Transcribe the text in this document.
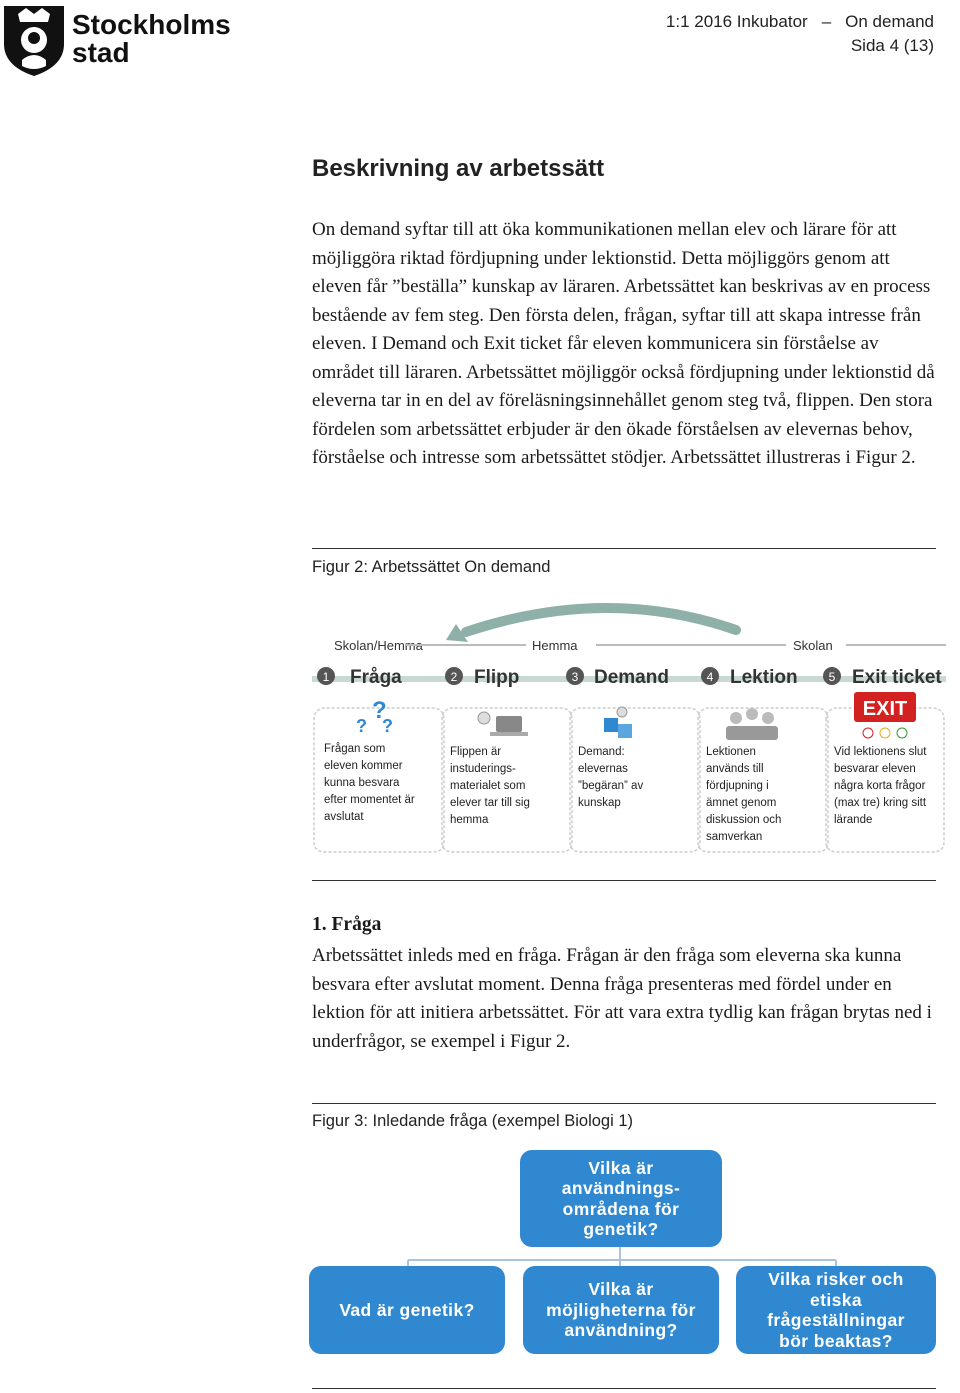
Stockholms
stad
1:1 2016 Inkubator – On demand
Sida 4 (13)
Beskrivning av arbetssätt

On demand syftar till att öka kommunikationen mellan elev och lärare för att möjliggöra riktad fördjupning under lektionstid. Detta möjliggörs genom att eleven får ”beställa” kunskap av läraren. Arbetssättet kan beskrivas av en process bestående av fem steg. Den första delen, frågan, syftar till att skapa intresse från eleven. I Demand och Exit ticket får eleven kommunicera sin förståelse av området till läraren. Arbetssättet möjliggör också fördjupning under lektionstid då eleverna tar in en del av föreläsningsinnehållet genom steg två, flippen. Den stora fördelen som arbetssättet erbjuder är den ökade förståelsen av elevernas behov, förståelse och intresse som arbetssättet stödjer. Arbetssättet illustreras i Figur 2.

Figur 2: Arbetssättet On demand
Skolan/Hemma	Hemma	Skolan
1 Fråga
?
? ?
Frågan som
eleven kommer
kunna besvara
efter momentet är
avslutat
2 Flipp
Flippen är
instuderings-
materialet som
elever tar till sig
hemma
3 Demand
Demand:
elevernas
”begäran” av
kunskap
4 Lektion
Lektionen
används till
fördjupning i
ämnet genom
diskussion och
samverkan
5 Exit ticket
EXIT
Vid lektionens slut
besvarar eleven
några korta frågor
(max tre) kring sitt
lärande
1. Fråga

Arbetssättet inleds med en fråga. Frågan är den fråga som eleverna ska kunna besvara efter avslutat moment. Denna fråga presenteras med fördel under en lektion för att initiera arbetssättet. För att vara extra tydlig kan frågan brytas ned i underfrågor, se exempel i Figur 2.

Figur 3: Inledande fråga (exempel Biologi 1)
Vilka är användnings-områdena för genetik?
Vad är genetik?
Vilka är möjligheterna för användning?
Vilka risker och etiska frågeställningar bör beaktas?
